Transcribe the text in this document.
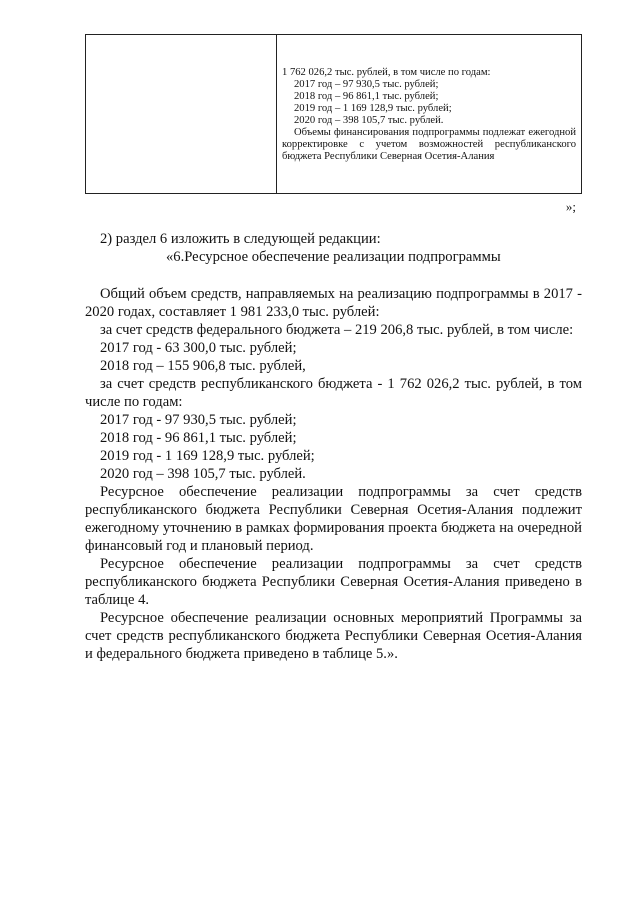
1 762 026,2 тыс. рублей, в том числе по годам:
2017 год – 97 930,5 тыс. рублей;
2018 год – 96 861,1 тыс. рублей;
2019 год – 1 169 128,9 тыс. рублей;
2020 год – 398 105,7 тыс. рублей.
Объемы финансирования подпрограммы подлежат ежегодной корректировке с учетом возможностей республиканского бюджета Республики Северная Осетия-Алания
»;
2) раздел 6 изложить в следующей редакции:
«6.Ресурсное обеспечение реализации подпрограммы
Общий объем средств, направляемых на реализацию подпрограммы в 2017 - 2020 годах, составляет 1 981 233,0 тыс. рублей:
за счет средств федерального бюджета – 219 206,8 тыс. рублей, в том числе:
2017 год - 63 300,0 тыс. рублей;
2018 год – 155 906,8 тыс. рублей,
за счет средств республиканского бюджета - 1 762 026,2 тыс. рублей, в том числе по годам:
2017 год - 97 930,5 тыс. рублей;
2018 год - 96 861,1 тыс. рублей;
2019 год - 1 169 128,9 тыс. рублей;
2020 год – 398 105,7 тыс. рублей.
Ресурсное обеспечение реализации подпрограммы за счет средств республиканского бюджета Республики Северная Осетия-Алания подлежит ежегодному уточнению в рамках формирования проекта бюджета на очередной финансовый год и плановый период.
Ресурсное обеспечение реализации подпрограммы за счет средств республиканского бюджета Республики Северная Осетия-Алания приведено в таблице 4.
Ресурсное обеспечение реализации основных мероприятий Программы за счет средств республиканского бюджета Республики Северная Осетия-Алания и федерального бюджета приведено в таблице 5.».
